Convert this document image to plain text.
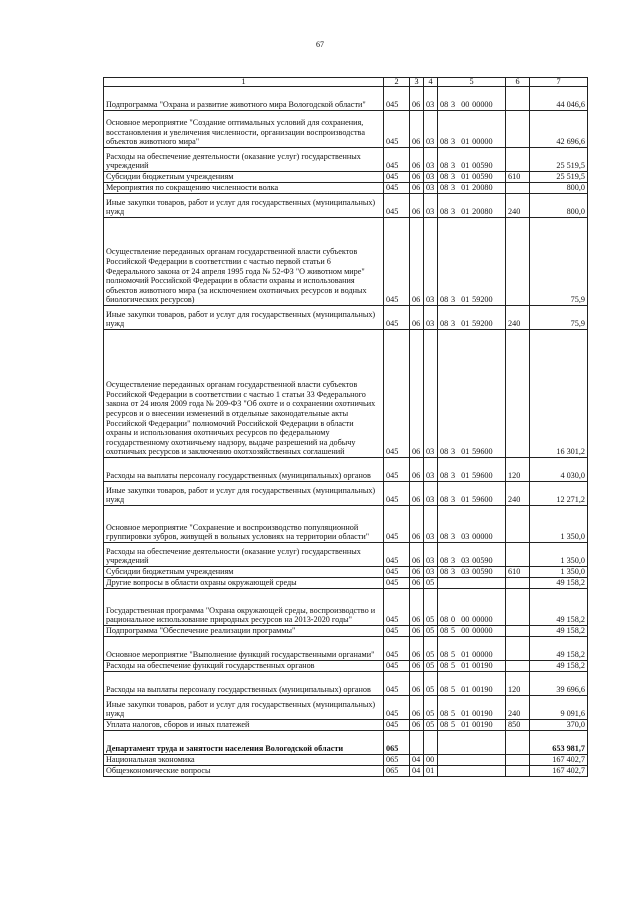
67
1	2	3	4	5	6	7
Подпрограмма "Охрана и развитие животного мира Вологодской области"	045	06	03	08 3 00 00000		44 046,6
Основное мероприятие "Создание оптимальных условий для сохранения, восстановления и увеличения численности, организации воспроизводства объектов животного мира"	045	06	03	08 3 01 00000		42 696,6
Расходы на обеспечение деятельности (оказание услуг) государственных учреждений	045	06	03	08 3 01 00590		25 519,5
Субсидии бюджетным учреждениям	045	06	03	08 3 01 00590	610	25 519,5
Мероприятия по сокращению численности волка	045	06	03	08 3 01 20080		800,0
Иные закупки товаров, работ и услуг для государственных (муниципальных) нужд	045	06	03	08 3 01 20080	240	800,0
Осуществление переданных органам государственной власти субъектов Российской Федерации в соответствии с частью первой статьи 6 Федерального закона от 24 апреля 1995 года № 52-ФЗ "О животном мире" полномочий Российской Федерации в области охраны и использования объектов животного мира (за исключением охотничьих ресурсов и водных биологических ресурсов)	045	06	03	08 3 01 59200		75,9
Иные закупки товаров, работ и услуг для государственных (муниципальных) нужд	045	06	03	08 3 01 59200	240	75,9
Осуществление переданных органам государственной власти субъектов Российской Федерации в соответствии с частью 1 статьи 33 Федерального закона от 24 июля 2009 года № 209-ФЗ "Об охоте и о сохранении охотничьих ресурсов и о внесении изменений в отдельные законодательные акты Российской Федерации" полномочий Российской Федерации в области охраны и использования охотничьих ресурсов по федеральному государственному охотничьему надзору, выдаче разрешений на добычу охотничьих ресурсов и заключению охотхозяйственных соглашений	045	06	03	08 3 01 59600		16 301,2
Расходы на выплаты персоналу государственных (муниципальных) органов	045	06	03	08 3 01 59600	120	4 030,0
Иные закупки товаров, работ и услуг для государственных (муниципальных) нужд	045	06	03	08 3 01 59600	240	12 271,2
Основное мероприятие "Сохранение и воспроизводство популяционной группировки зубров, живущей в вольных условиях на территории области"	045	06	03	08 3 03 00000		1 350,0
Расходы на обеспечение деятельности (оказание услуг) государственных учреждений	045	06	03	08 3 03 00590		1 350,0
Субсидии бюджетным учреждениям	045	06	03	08 3 03 00590	610	1 350,0
Другие вопросы в области охраны окружающей среды	045	06	05			49 158,2
Государственная программа "Охрана окружающей среды, воспроизводство и рациональное использование природных ресурсов на 2013-2020 годы"	045	06	05	08 0 00 00000		49 158,2
Подпрограмма "Обеспечение реализации программы"	045	06	05	08 5 00 00000		49 158,2
Основное мероприятие "Выполнение функций государственными органами"	045	06	05	08 5 01 00000		49 158,2
Расходы на обеспечение функций государственных органов	045	06	05	08 5 01 00190		49 158,2
Расходы на выплаты персоналу государственных (муниципальных) органов	045	06	05	08 5 01 00190	120	39 696,6
Иные закупки товаров, работ и услуг для государственных (муниципальных) нужд	045	06	05	08 5 01 00190	240	9 091,6
Уплата налогов, сборов и иных платежей	045	06	05	08 5 01 00190	850	370,0
Департамент труда и занятости населения Вологодской области	065					653 981,7
Национальная экономика	065	04	00			167 402,7
Общеэкономические вопросы	065	04	01			167 402,7
